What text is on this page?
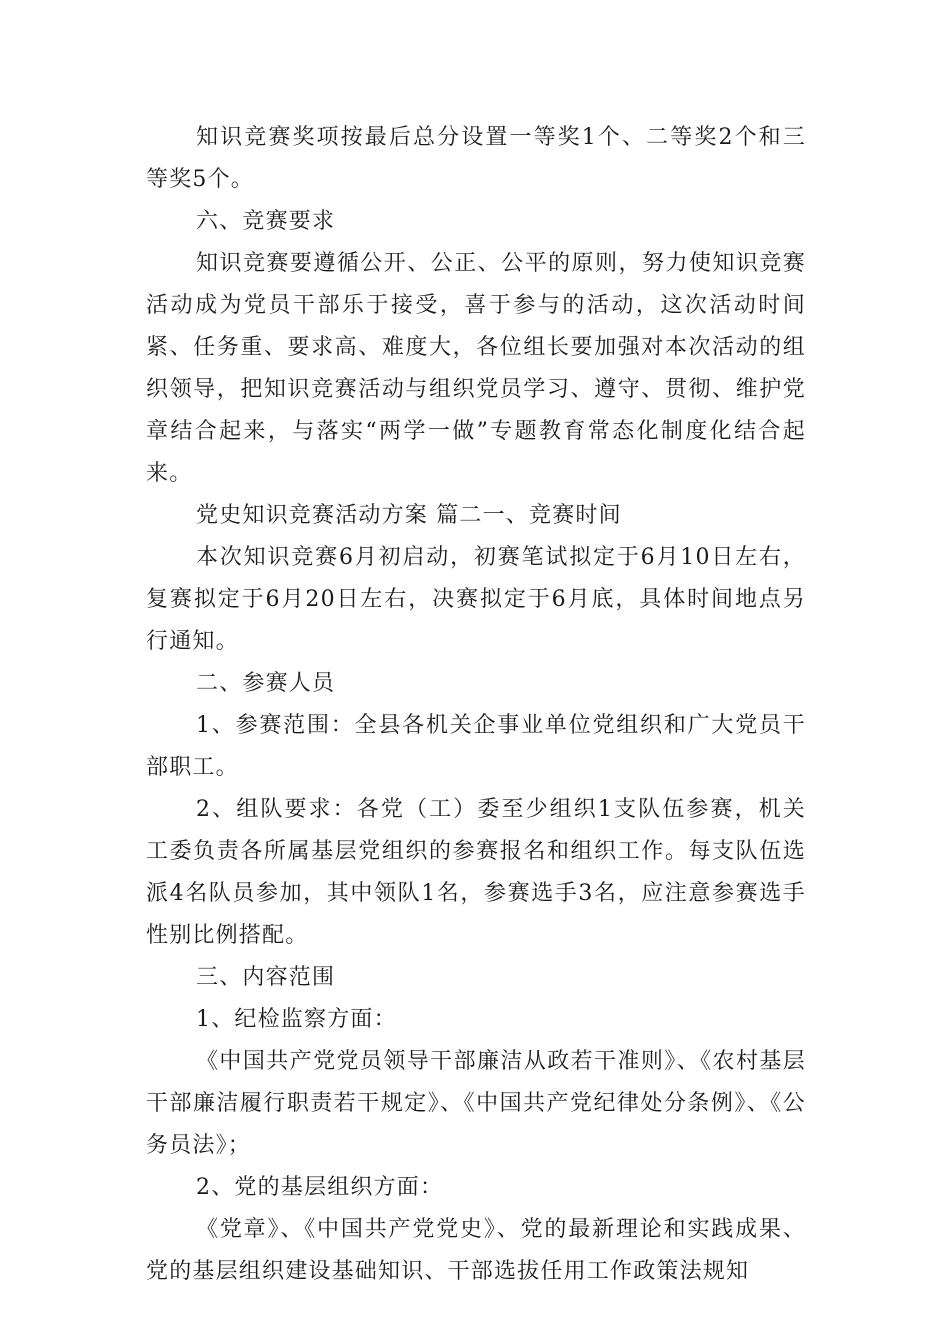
知识竞赛奖项按最后总分设置一等奖1个、二等奖2个和三等奖5个。

六、竞赛要求

知识竞赛要遵循公开、公正、公平的原则，努力使知识竞赛活动成为党员干部乐于接受，喜于参与的活动，这次活动时间紧、任务重、要求高、难度大，各位组长要加强对本次活动的组织领导，把知识竞赛活动与组织党员学习、遵守、贯彻、维护党章结合起来，与落实“两学一做”专题教育常态化制度化结合起来。

党史知识竞赛活动方案 篇二一、竞赛时间

本次知识竞赛6月初启动，初赛笔试拟定于6月10日左右，复赛拟定于6月20日左右，决赛拟定于6月底，具体时间地点另行通知。

二、参赛人员

1、参赛范围：全县各机关企事业单位党组织和广大党员干部职工。

2、组队要求：各党（工）委至少组织1支队伍参赛，机关工委负责各所属基层党组织的参赛报名和组织工作。每支队伍选派4名队员参加，其中领队1名，参赛选手3名，应注意参赛选手性别比例搭配。

三、内容范围

1、纪检监察方面：

《中国共产党党员领导干部廉洁从政若干准则》、《农村基层干部廉洁履行职责若干规定》、《中国共产党纪律处分条例》、《公务员法》；

2、党的基层组织方面：

《党章》、《中国共产党党史》、党的最新理论和实践成果、党的基层组织建设基础知识、干部选拔任用工作政策法规知
